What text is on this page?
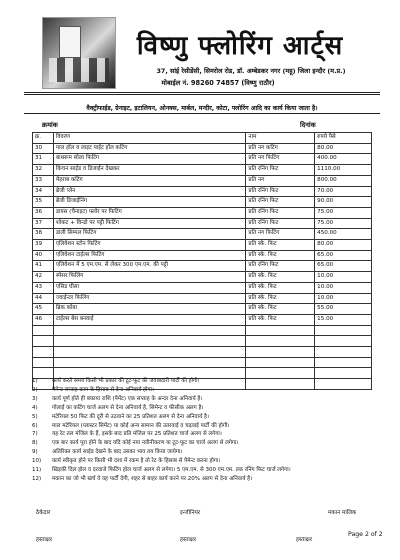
विष्णु फ्लोरिंग आर्ट्स
37, सांई रेसीडेंसी, सिमरोल रोड, डॉ. अम्बेडकर नगर (महू) जिला इन्दौर (म.प्र.)
मोबाईल नं. 98260 74857 (विष्णु राठौर)
वैक्ट्रीफाईड, ग्रेनाइट, इटालियन, ओनक्स, मार्बल, मन्दीर, कोटा, फ्लोरिंग आदि का कार्य किया जाता है।
क्रमांक	दिनांक
क्र.	विवरण	नाम	रुपये पैसे
30	गाल हॉल व लाइट पाईट हॉल कटिंग	प्रति नग कटिंग	80.00
31	बाथरूम सोला फिटिंग	प्रति नग फिटिंग	400.00
32	किचन साईड व डिजाईन देखकर	प्रति रनिंग फिट	1110.00
33	मेहराब कटिंग	प्रति नग	800.00
34	ब्रेजी प्लेन	प्रति रनिंग फिट	70.00
35	ब्रेजी डिजाईनिंग	प्रति रनिंग फिट	90.00
36	डायस (चैनाइट) फ्लोर पर फिटिंग	प्रति रनिंग फिट	75.00
37	शोकट + विन्डो पर पट्टी फिटिंग	प्रति रनिंग फिट	75.00
38	डाली सिम्पल फिटिंग	प्रति नग फिटिंग	450.00
39	एलिवेशन स्टोन फिटिंग	प्रति स्के. फिट	80.00
40	एलिवेशन टाईल्स फिटिंग	प्रति स्के. फिट	65.00
41	एलिवेशन में 5 एम.एम. से लेकर 300 एम.एम. की पट्टी	प्रति रनिंग फिट	65.00
42	स्पेसर फिलिंग	प्रति स्के. फिट	10.00
43	एसिड घीसा	प्रति स्के. फिट	10.00
44	ज्वाईन्टर फिलिंग	प्रति स्के. फिट	10.00
45	ब्रिक कोबा	प्रति स्के. फिट	55.00
46	टाईल्स बेस बनवाई	प्रति स्के. फिट	15.00

1)	कार्य करते समय किसी भी प्रकार की टूट-फूट की जवाबदारी पार्टी की होगी।
2)	पैमेन्ट सप्ताह काम के हिसाब से देना अनिवार्य होगा।
3)	कार्य पूर्ण होते ही बकाया राशि (पैमेंट) एक सप्ताह के अन्दर देना अनिवार्य है।
4)	गोलाई का कटिंग चार्ज अलग से देना अनिवार्य है, सिमेन्ट व फीसीक अलग है।
5)	मटेरियल 50 फिट की दूरी से उठवाने का 25 प्रतिशत अलग से देना अनिवार्य है।
6)	माल मटेरियल (प्लास्टर सिमेंट) या कोई अन्य सामान की उतरवाई व चढ़वाई पार्टी की होगी।
7)	यह रेट तल मंजिल के हैं, इसके बाद प्रति मंजिल पर 25 प्रतिशत चार्ज अलग से लगेगा।
8)	एक बार कार्य पूरा होने के बाद यदि कोई नया नवीनीकरण या टूट-फूट का चार्ज अलग से लगेगा।
9)	अतिरिक्त कार्य साईड देखने के बाद उसका भाव तय किया जायेगा।
10)	कार्य स्वीकृत होने पर किसी भी दशा में रकम है तो रेट के हिसाब से पैमेन्ट करना होगा।
11)	खिड़की दिल होल व दरवाजे फिटिंग होल चार्ज अलग से लगेगा। 5 एम.एम. से 300 एम.एम. तक रनिंग फिट चार्ज लगेगा।
12)	मकान का जो भी खर्च वे वह पार्टी देगी, शहर से बाहर कार्य करने पर 20% अलग से देना अनिवार्य है।
ठेकेदार	इन्जीनियर	मकान मालिक
हस्ताक्षर	हस्ताक्षर	हस्ताक्षर
Page 2 of 2
